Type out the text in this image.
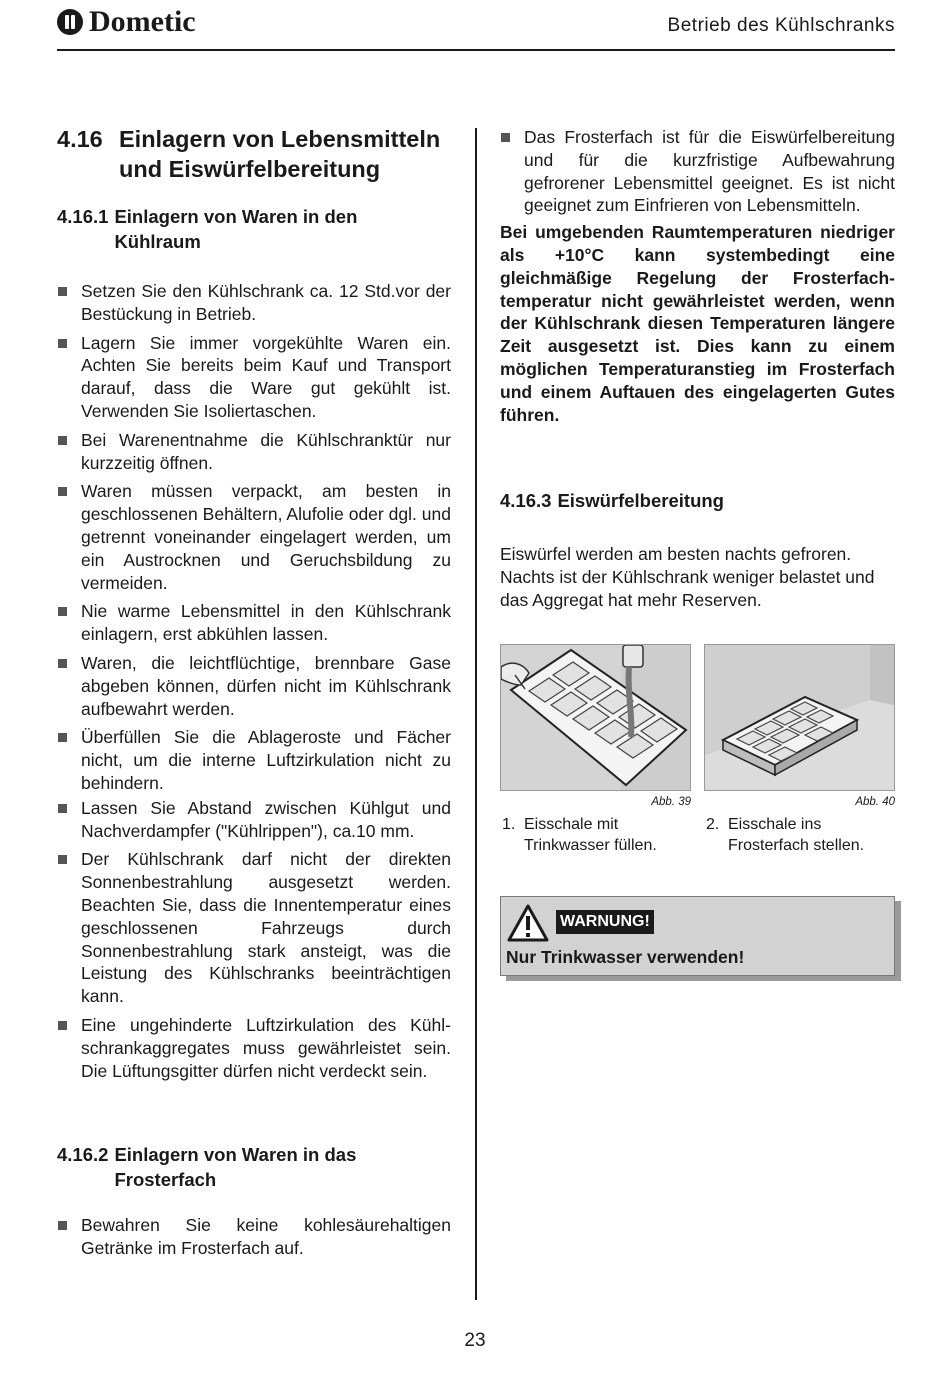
Dometic	Betrieb des Kühlschranks
4.16 Einlagern von Lebensmitteln und Eiswürfelbereitung
4.16.1 Einlagern von Waren in den Kühlraum
Setzen Sie den Kühlschrank ca. 12 Std.vor der Bestückung in Betrieb.
Lagern Sie immer vorgekühlte Waren ein. Achten Sie bereits beim Kauf und Transport darauf, dass die Ware gut gekühlt ist. Verwenden Sie Isoliertaschen.
Bei Warenentnahme die Kühlschranktür nur kurzzeitig öffnen.
Waren müssen verpackt, am besten in geschlossenen Behältern, Alufolie oder dgl. und getrennt voneinander eingelagert werden, um ein Austrocknen und Geruchsbildung zu vermeiden.
Nie warme Lebensmittel in den Kühlschrank einlagern, erst abkühlen lassen.
Waren, die leichtflüchtige, brennbare Gase abgeben können, dürfen nicht im Kühlschrank aufbewahrt werden.
Überfüllen Sie die Ablageroste und Fächer nicht, um die interne Luftzirkulation nicht zu behindern.
Lassen Sie Abstand zwischen Kühlgut und Nachverdampfer ("Kühlrippen"), ca.10 mm.
Der Kühlschrank darf nicht der direkten Sonnenbestrahlung ausgesetzt werden. Beachten Sie, dass die Innentemperatur eines geschlossenen Fahrzeugs durch Sonnenbestrahlung stark ansteigt, was die Leistung des Kühlschranks beeinträchtigen kann.
Eine ungehinderte Luftzirkulation des Kühlschrankaggregates muss gewährleistet sein. Die Lüftungsgitter dürfen nicht verdeckt sein.
4.16.2 Einlagern von Waren in das Frosterfach
Bewahren Sie keine kohlesäurehaltigen Getränke im Frosterfach auf.
Das Frosterfach ist für die Eiswürfelbereitung und für die kurzfristige Aufbewahrung gefrorener Lebensmittel geeignet. Es ist nicht geeignet zum Einfrieren von Lebensmitteln.

Bei umgebenden Raumtemperaturen niedriger als +10°C kann systembedingt eine gleichmäßige Regelung der Frosterfachtemperatur nicht gewährleistet werden, wenn der Kühlschrank diesen Temperaturen längere Zeit ausgesetzt ist. Dies kann zu einem möglichen Temperaturanstieg im Frosterfach und einem Auftauen des eingelagerten Gutes führen.

4.16.3 Eiswürfelbereitung

Eiswürfel werden am besten nachts gefroren. Nachts ist der Kühlschrank weniger belastet und das Aggregat hat mehr Reserven.

Abb. 39
1. Eisschale mit Trinkwasser füllen.
Abb. 40
2. Eisschale ins Frosterfach stellen.
WARNUNG!
Nur Trinkwasser verwenden!
23
